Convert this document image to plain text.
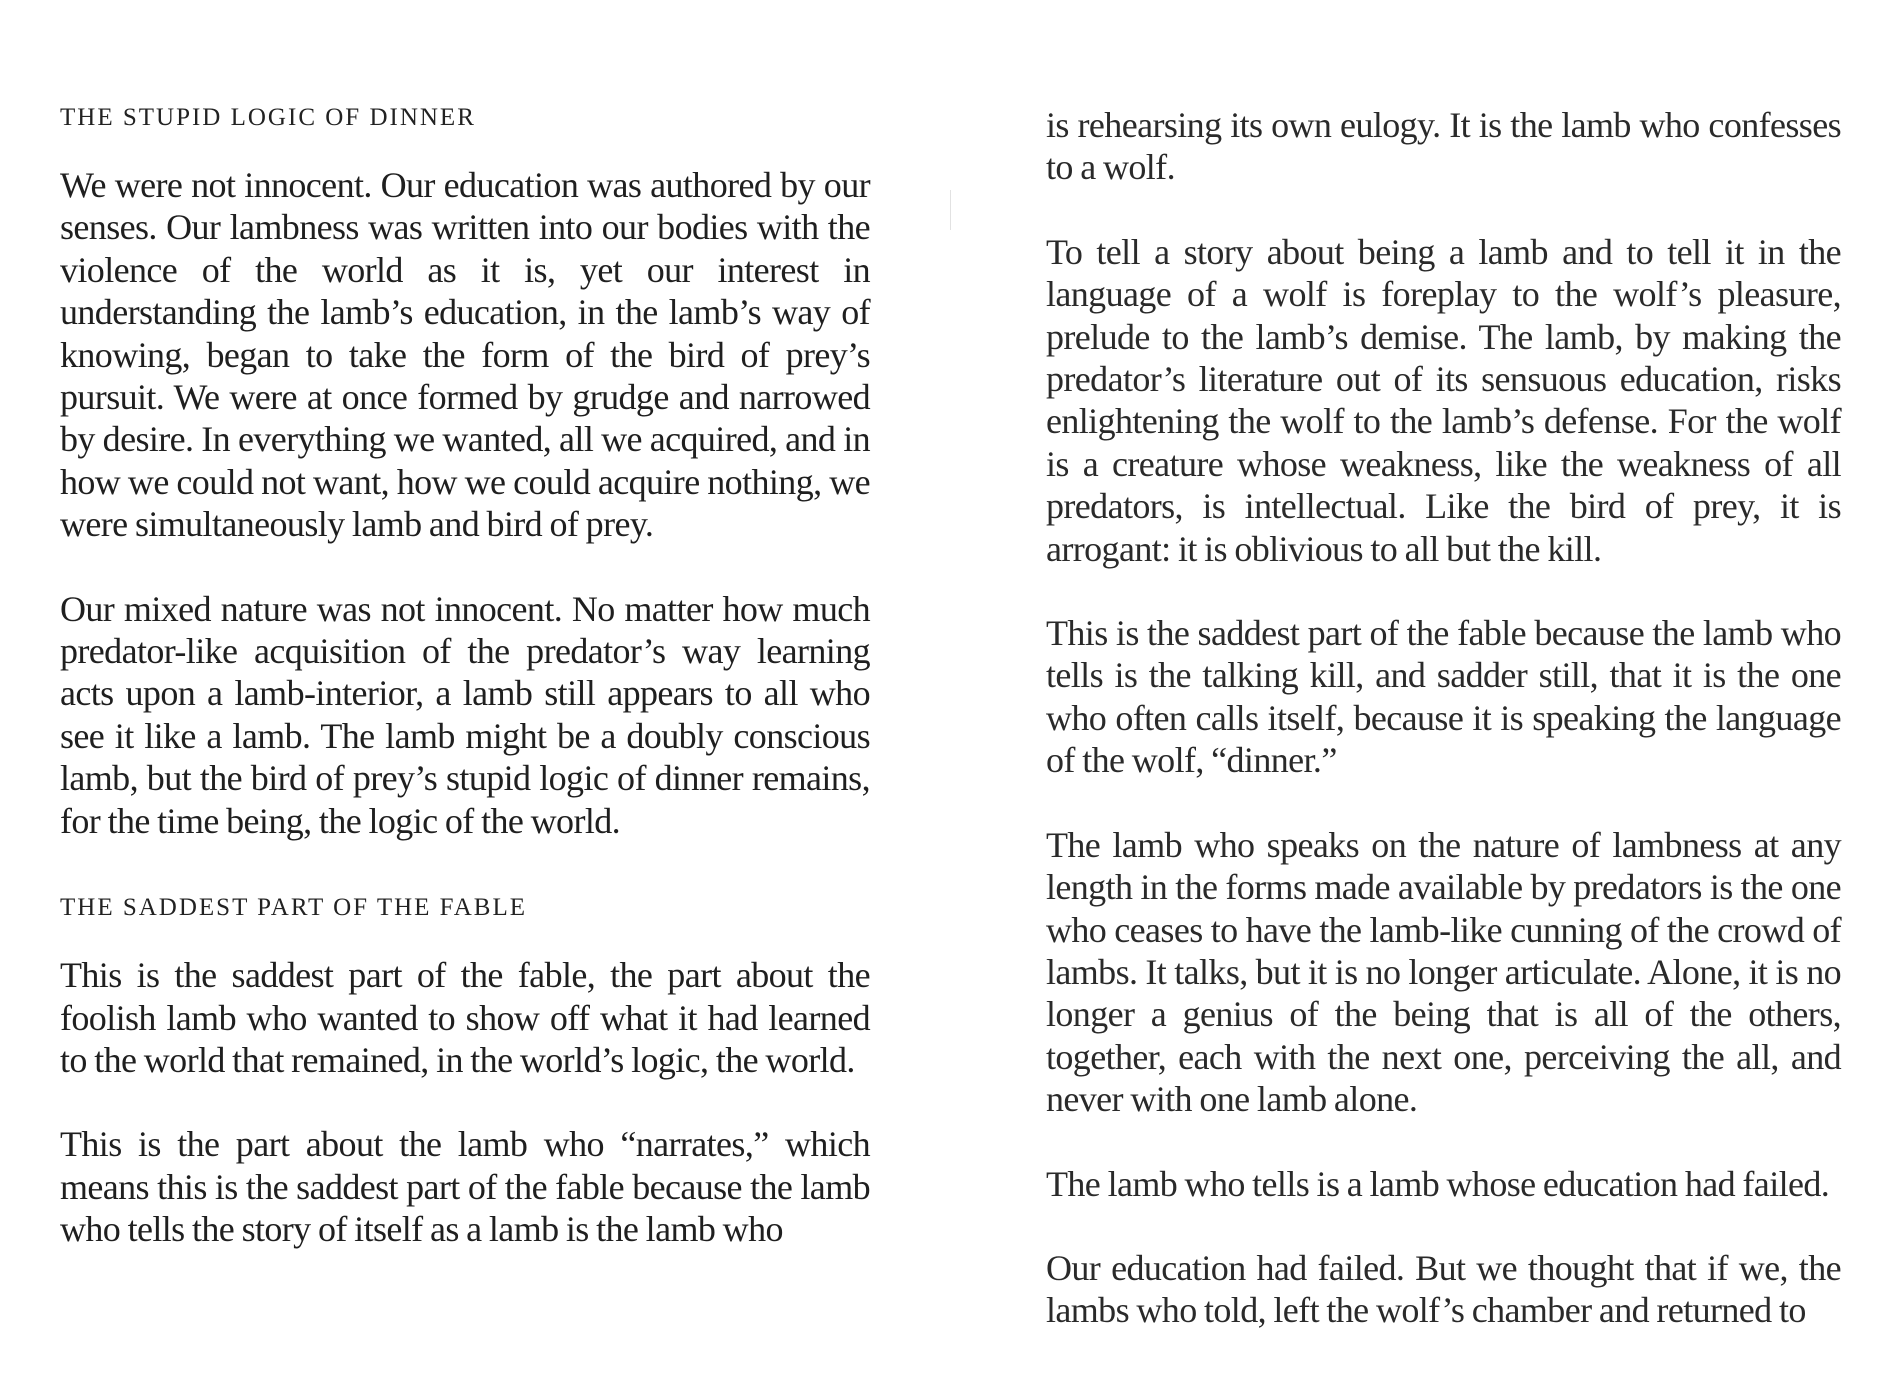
THE STUPID LOGIC OF DINNER

We were not innocent. Our education was authored by our senses. Our lambness was written into our bodies with the violence of the world as it is, yet our interest in understanding the lamb’s education, in the lamb’s way of knowing, began to take the form of the bird of prey’s pursuit. We were at once formed by grudge and narrowed by desire. In everything we wanted, all we acquired, and in how we could not want, how we could acquire nothing, we were simultaneously lamb and bird of prey.

Our mixed nature was not innocent. No matter how much predator-like acquisition of the predator’s way learning acts upon a lamb-interior, a lamb still appears to all who see it like a lamb. The lamb might be a doubly conscious lamb, but the bird of prey’s stupid logic of dinner remains, for the time being, the logic of the world.

THE SADDEST PART OF THE FABLE

This is the saddest part of the fable, the part about the foolish lamb who wanted to show off what it had learned to the world that remained, in the world’s logic, the world.

This is the part about the lamb who “narrates,” which means this is the saddest part of the fable because the lamb who tells the story of itself as a lamb is the lamb who

is rehearsing its own eulogy. It is the lamb who confesses to a wolf.

To tell a story about being a lamb and to tell it in the language of a wolf is foreplay to the wolf’s pleasure, prelude to the lamb’s demise. The lamb, by making the predator’s literature out of its sensuous education, risks enlightening the wolf to the lamb’s defense. For the wolf is a creature whose weakness, like the weakness of all predators, is intellectual. Like the bird of prey, it is arrogant: it is oblivious to all but the kill.

This is the saddest part of the fable because the lamb who tells is the talking kill, and sadder still, that it is the one who often calls itself, because it is speaking the language of the wolf, “dinner.”

The lamb who speaks on the nature of lambness at any length in the forms made available by predators is the one who ceases to have the lamb-like cunning of the crowd of lambs. It talks, but it is no longer articulate. Alone, it is no longer a genius of the being that is all of the others, together, each with the next one, perceiving the all, and never with one lamb alone.

The lamb who tells is a lamb whose education had failed.

Our education had failed. But we thought that if we, the lambs who told, left the wolf’s chamber and returned to
